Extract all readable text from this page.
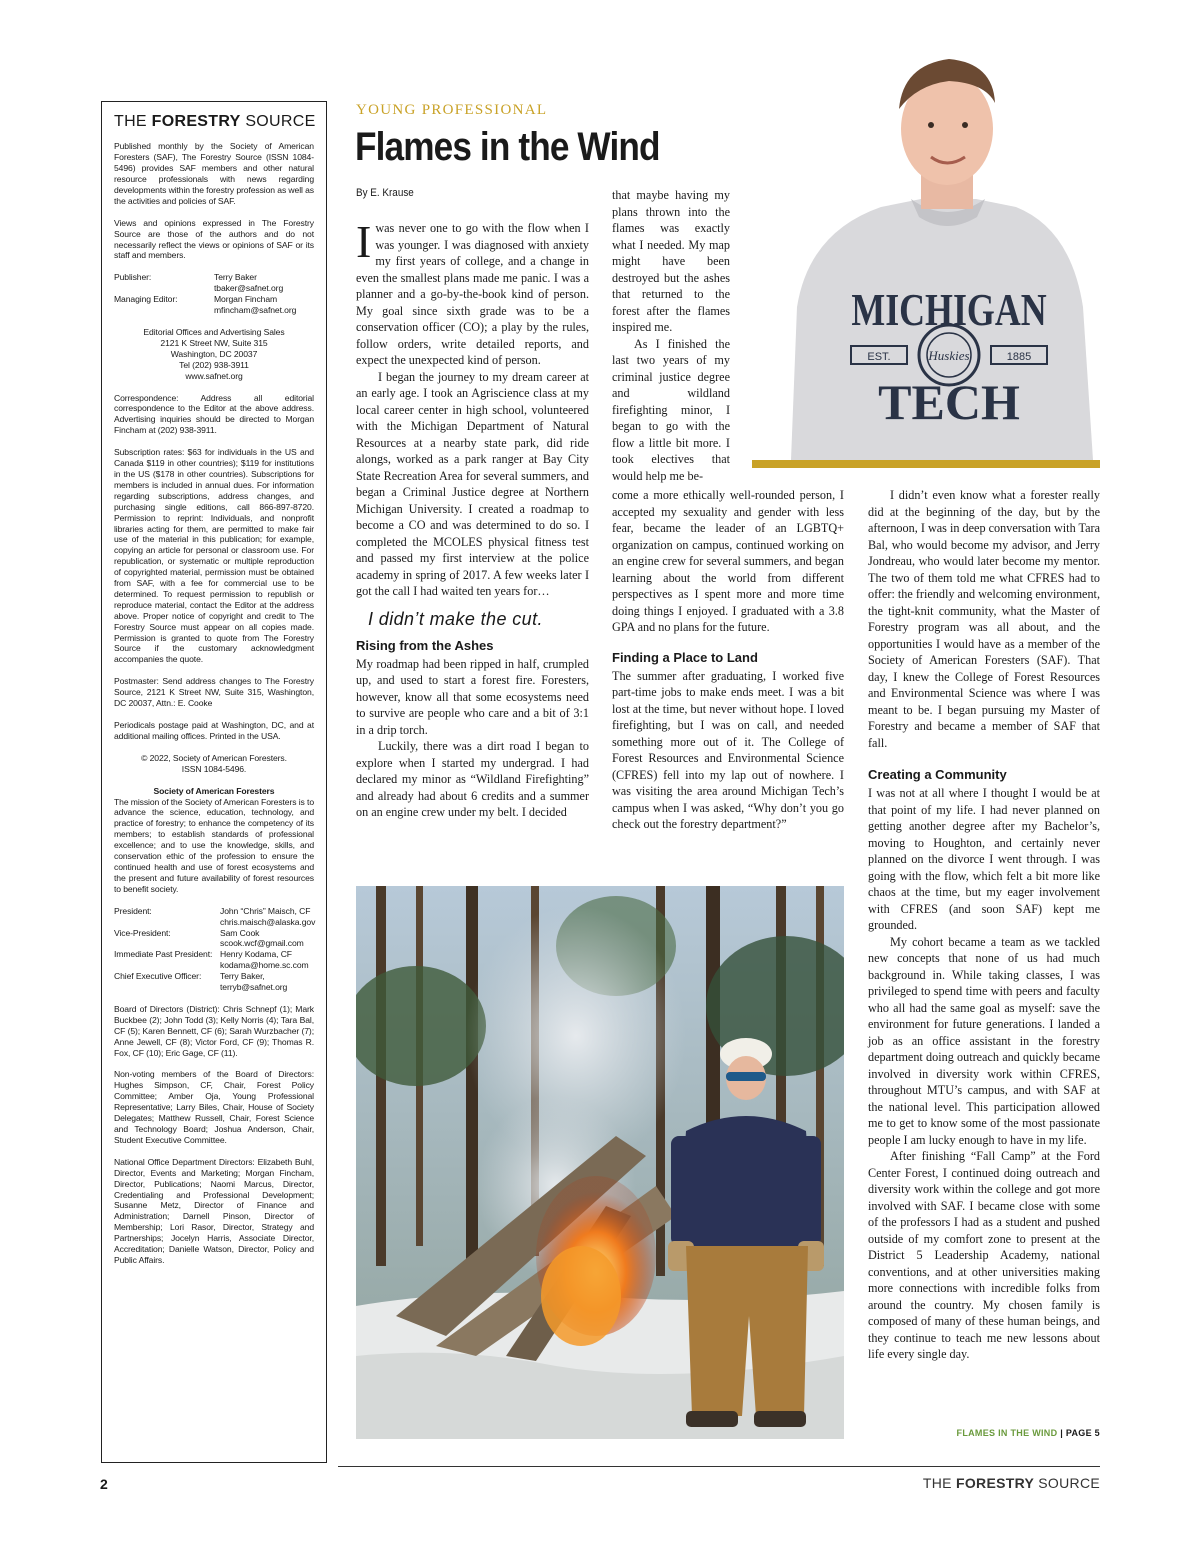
THE FORESTRY SOURCE

Published monthly by the Society of American Foresters (SAF), The Forestry Source (ISSN 1084-5496) provides SAF members and other natural resource professionals with news regarding developments within the forestry profession as well as the activities and policies of SAF.

Views and opinions expressed in The Forestry Source are those of the authors and do not necessarily reflect the views or opinions of SAF or its staff and members.

Publisher:	Terry Baker
tbaker@safnet.org
Managing Editor:	Morgan Fincham
mfincham@safnet.org
Editorial Offices and Advertising Sales
2121 K Street NW, Suite 315
Washington, DC 20037
Tel (202) 938-3911
www.safnet.org

Correspondence: Address all editorial correspondence to the Editor at the above address. Advertising inquiries should be directed to Morgan Fincham at (202) 938-3911.

Subscription rates: $63 for individuals in the US and Canada $119 in other countries); $119 for institutions in the US ($178 in other countries). Subscriptions for members is included in annual dues. For information regarding subscriptions, address changes, and purchasing single editions, call 866-897-8720. Permission to reprint: Individuals, and nonprofit libraries acting for them, are permitted to make fair use of the material in this publication; for example, copying an article for personal or classroom use. For republication, or systematic or multiple reproduction of copyrighted material, permission must be obtained from SAF, with a fee for commercial use to be determined. To request permission to republish or reproduce material, contact the Editor at the address above. Proper notice of copyright and credit to The Forestry Source must appear on all copies made. Permission is granted to quote from The Forestry Source if the customary acknowledgment accompanies the quote.

Postmaster: Send address changes to The Forestry Source, 2121 K Street NW, Suite 315, Washington, DC 20037, Attn.: E. Cooke

Periodicals postage paid at Washington, DC, and at additional mailing offices. Printed in the USA.

© 2022, Society of American Foresters.
ISSN 1084-5496.

Society of American Foresters

The mission of the Society of American Foresters is to advance the science, education, technology, and practice of forestry; to enhance the competency of its members; to establish standards of professional excellence; and to use the knowledge, skills, and conservation ethic of the profession to ensure the continued health and use of forest ecosystems and the present and future availability of forest resources to benefit society.

President:	John “Chris” Maisch, CF
chris.maisch@alaska.gov
Vice-President:	Sam Cook
scook.wcf@gmail.com
Immediate Past President: Henry Kodama, CF
kodama@home.sc.com
Chief Executive Officer:	Terry Baker,
terryb@safnet.org

Board of Directors (District): Chris Schnepf (1); Mark Buckbee (2); John Todd (3); Kelly Norris (4); Tara Bal, CF (5); Karen Bennett, CF (6); Sarah Wurzbacher (7); Anne Jewell, CF (8); Victor Ford, CF (9); Thomas R. Fox, CF (10); Eric Gage, CF (11).

Non-voting members of the Board of Directors: Hughes Simpson, CF, Chair, Forest Policy Committee; Amber Oja, Young Professional Representative; Larry Biles, Chair, House of Society Delegates; Matthew Russell, Chair, Forest Science and Technology Board; Joshua Anderson, Chair, Student Executive Committee.

National Office Department Directors: Elizabeth Buhl, Director, Events and Marketing; Morgan Fincham, Director, Publications; Naomi Marcus, Director, Credentialing and Professional Development; Susanne Metz, Director of Finance and Administration; Darnell Pinson, Director of Membership; Lori Rasor, Director, Strategy and Partnerships; Jocelyn Harris, Associate Director, Accreditation; Danielle Watson, Director, Policy and Public Affairs.

YOUNG PROFESSIONAL
Flames in the Wind
By E. Krause

Iwas never one to go with the flow when I was younger. I was diagnosed with anxiety my first years of college, and a change in even the smallest plans made me panic. I was a planner and a go-by-the-book kind of person. My goal since sixth grade was to be a conservation officer (CO); a play by the rules, follow orders, write detailed reports, and expect the unexpected kind of person.

I began the journey to my dream career at an early age. I took an Agriscience class at my local career center in high school, volunteered with the Michigan Department of Natural Resources at a nearby state park, did ride alongs, worked as a park ranger at Bay City State Recreation Area for several summers, and began a Criminal Justice degree at Northern Michigan University. I created a roadmap to become a CO and was determined to do so. I completed the MCOLES physical fitness test and passed my first interview at the police academy in spring of 2017. A few weeks later I got the call I had waited ten years for…

I didn’t make the cut.
Rising from the Ashes

My roadmap had been ripped in half, crumpled up, and used to start a forest fire. Foresters, however, know all that some ecosystems need to survive are people who care and a bit of 3:1 in a drip torch.

Luckily, there was a dirt road I began to explore when I started my undergrad. I had declared my minor as “Wildland Firefighting” and already had about 6 credits and a summer on an engine crew under my belt. I decided

that maybe having my plans thrown into the flames was exactly what I needed. My map might have been destroyed but the ashes that returned to the forest after the flames inspired me.

As I finished the last two years of my criminal justice degree and wildland firefighting minor, I began to go with the flow a little bit more. I took electives that would help me be-

come a more ethically well-rounded person, I accepted my sexuality and gender with less fear, became the leader of an LGBTQ+ organization on campus, continued working on an engine crew for several summers, and began learning about the world from different perspectives as I spent more and more time doing things I enjoyed. I graduated with a 3.8 GPA and no plans for the future.

Finding a Place to Land

The summer after graduating, I worked five part-time jobs to make ends meet. I was a bit lost at the time, but never without hope. I loved firefighting, but I was on call, and needed something more out of it. The College of Forest Resources and Environmental Science (CFRES) fell into my lap out of nowhere. I was visiting the area around Michigan Tech’s campus when I was asked, “Why don’t you go check out the forestry department?”

I didn’t even know what a forester really did at the beginning of the day, but by the afternoon, I was in deep conversation with Tara Bal, who would become my advisor, and Jerry Jondreau, who would later become my mentor. The two of them told me what CFRES had to offer: the friendly and welcoming environment, the tight-knit community, what the Master of Forestry program was all about, and the opportunities I would have as a member of the Society of American Foresters (SAF). That day, I knew the College of Forest Resources and Environmental Science was where I was meant to be. I began pursuing my Master of Forestry and became a member of SAF that fall.

Creating a Community

I was not at all where I thought I would be at that point of my life. I had never planned on getting another degree after my Bachelor’s, moving to Houghton, and certainly never planned on the divorce I went through. I was going with the flow, which felt a bit more like chaos at the time, but my eager involvement with CFRES (and soon SAF) kept me grounded.

My cohort became a team as we tackled new concepts that none of us had much background in. While taking classes, I was privileged to spend time with peers and faculty who all had the same goal as myself: save the environment for future generations. I landed a job as an office assistant in the forestry department doing outreach and quickly became involved in diversity work within CFRES, throughout MTU’s campus, and with SAF at the national level. This participation allowed me to get to know some of the most passionate people I am lucky enough to have in my life.

After finishing “Fall Camp” at the Ford Center Forest, I continued doing outreach and diversity work within the college and got more involved with SAF. I became close with some of the professors I had as a student and pushed outside of my comfort zone to present at the District 5 Leadership Academy, national conventions, and at other universities making more connections with incredible folks from around the country. My chosen family is composed of many of these human beings, and they continue to teach me new lessons about life every single day.

MICHIGAN
TECH
Huskies
EST.	1885
FLAMES IN THE WIND | PAGE 5
2	THE FORESTRY SOURCE
